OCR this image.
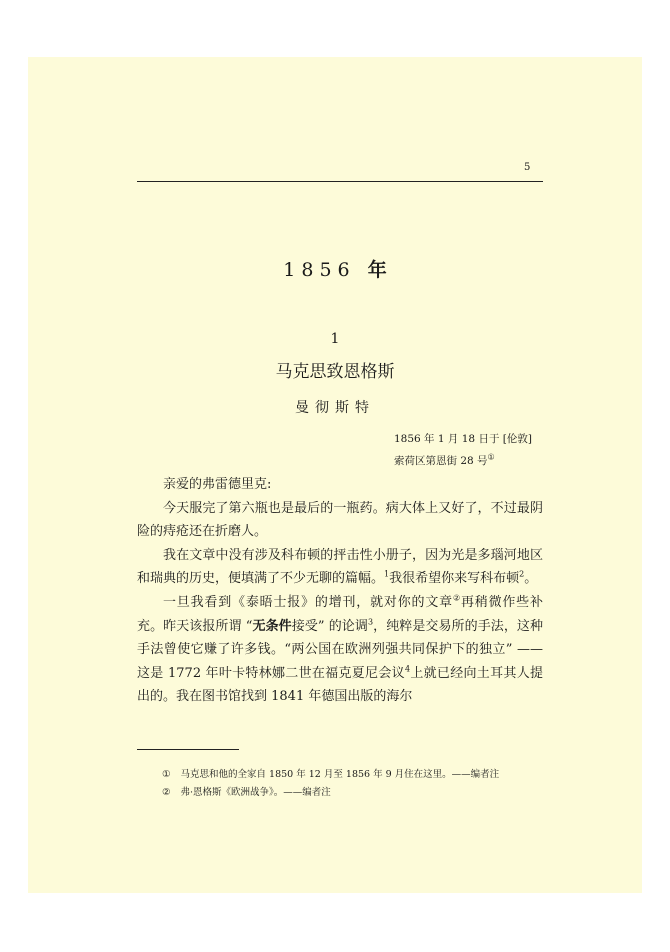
5
1856 年
1
马克思致恩格斯
曼彻斯特
1856 年 1 月 18 日于 [伦敦]
索荷区第恩街 28 号①

亲爱的弗雷德里克:

今天服完了第六瓶也是最后的一瓶药。病大体上又好了，不过最阴险的痔疮还在折磨人。

我在文章中没有涉及科布顿的抨击性小册子，因为光是多瑙河地区和瑞典的历史，便填满了不少无聊的篇幅。$^1$我很希望你来写科布顿$^2$。

一旦我看到《泰晤士报》的增刊，就对你的文章②再稍微作些补充。昨天该报所谓 “无条件接受” 的论调$^3$，纯粹是交易所的手法，这种手法曾使它赚了许多钱。“两公国在欧洲列强共同保护下的独立” ——这是 1772 年叶卡特林娜二世在福克夏尼会议$^4$上就已经向土耳其人提出的。我在图书馆找到 1841 年德国出版的海尔

① 马克思和他的全家自 1850 年 12 月至 1856 年 9 月住在这里。——编者注
② 弗·恩格斯《欧洲战争》。——编者注
